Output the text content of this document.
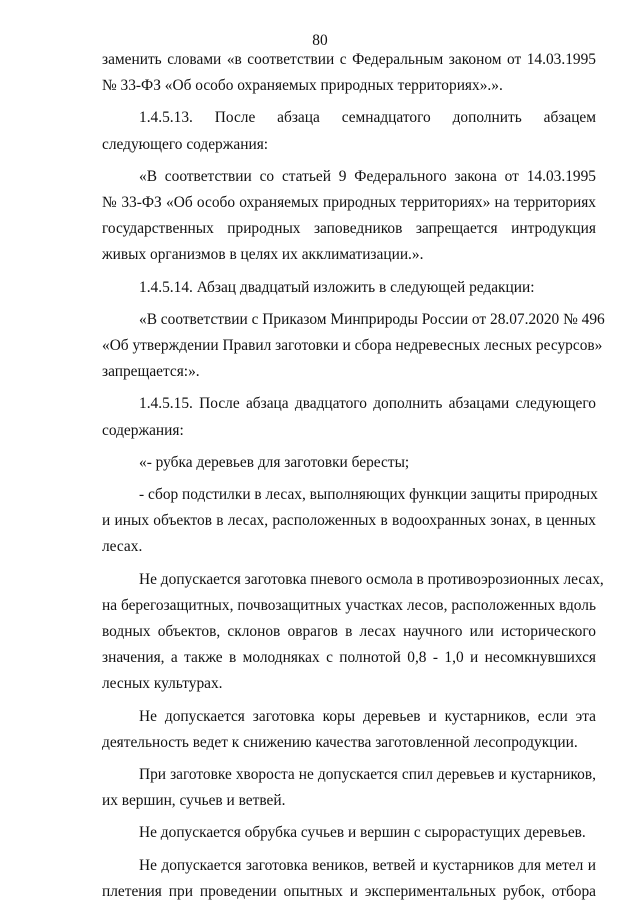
80
заменить словами «в соответствии с Федеральным законом от 14.03.1995
№ 33-ФЗ «Об особо охраняемых природных территориях».».
1.4.5.13. После абзаца семнадцатого дополнить абзацем
следующего содержания:
«В соответствии со статьей 9 Федерального закона от 14.03.1995
№ 33-ФЗ «Об особо охраняемых природных территориях» на территориях
государственных природных заповедников запрещается интродукция
живых организмов в целях их акклиматизации.».
1.4.5.14. Абзац двадцатый изложить в следующей редакции:
«В соответствии с Приказом Минприроды России от 28.07.2020 № 496
«Об утверждении Правил заготовки и сбора недревесных лесных ресурсов»
запрещается:».
1.4.5.15. После абзаца двадцатого дополнить абзацами следующего
содержания:
«- рубка деревьев для заготовки бересты;
- сбор подстилки в лесах, выполняющих функции защиты природных
и иных объектов в лесах, расположенных в водоохранных зонах, в ценных
лесах.
Не допускается заготовка пневого осмола в противоэрозионных лесах,
на берегозащитных, почвозащитных участках лесов, расположенных вдоль
водных объектов, склонов оврагов в лесах научного или исторического
значения, а также в молодняках с полнотой 0,8 - 1,0 и несомкнувшихся
лесных культурах.
Не допускается заготовка коры деревьев и кустарников, если эта
деятельность ведет к снижению качества заготовленной лесопродукции.
При заготовке хвороста не допускается спил деревьев и кустарников,
их вершин, сучьев и ветвей.
Не допускается обрубка сучьев и вершин с сырорастущих деревьев.
Не допускается заготовка веников, ветвей и кустарников для метел и
плетения при проведении опытных и экспериментальных рубок, отбора
